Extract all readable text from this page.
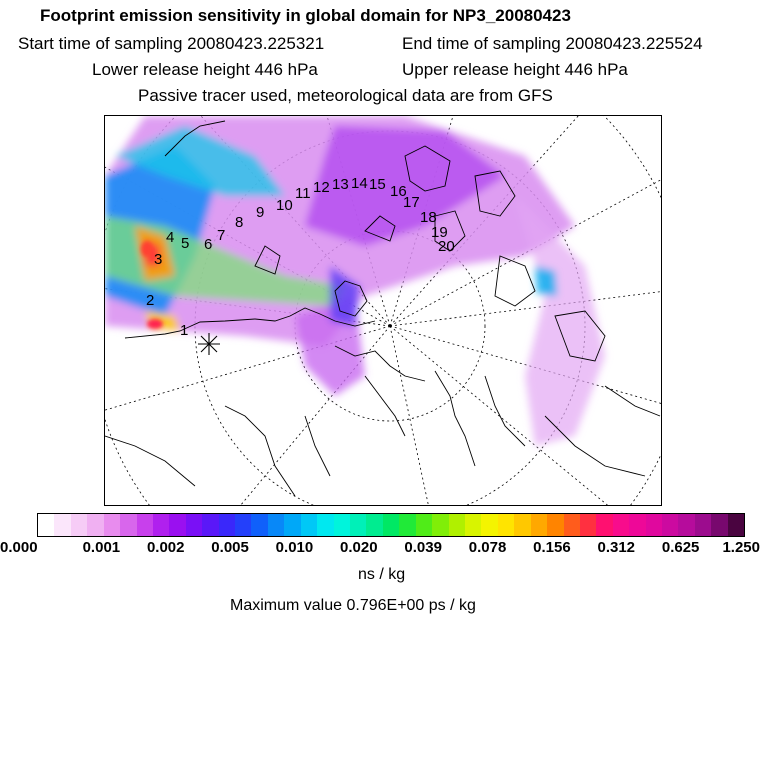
Footprint emission sensitivity in global domain for NP3_20080423
Start time of sampling 20080423.225321	End time of sampling 20080423.225524
Lower release height 446 hPa	Upper release height 446 hPa
Passive tracer used, meteorological data are from GFS
1
2
3
4 5 6
7
8
9 10
11 12 13 14 15 16
17
18
19
20
0.000	0.001 0.002 0.005 0.010 0.020 0.039 0.078 0.156 0.312 0.625 1.250
ns / kg
Maximum value 0.796E+00 ps / kg
